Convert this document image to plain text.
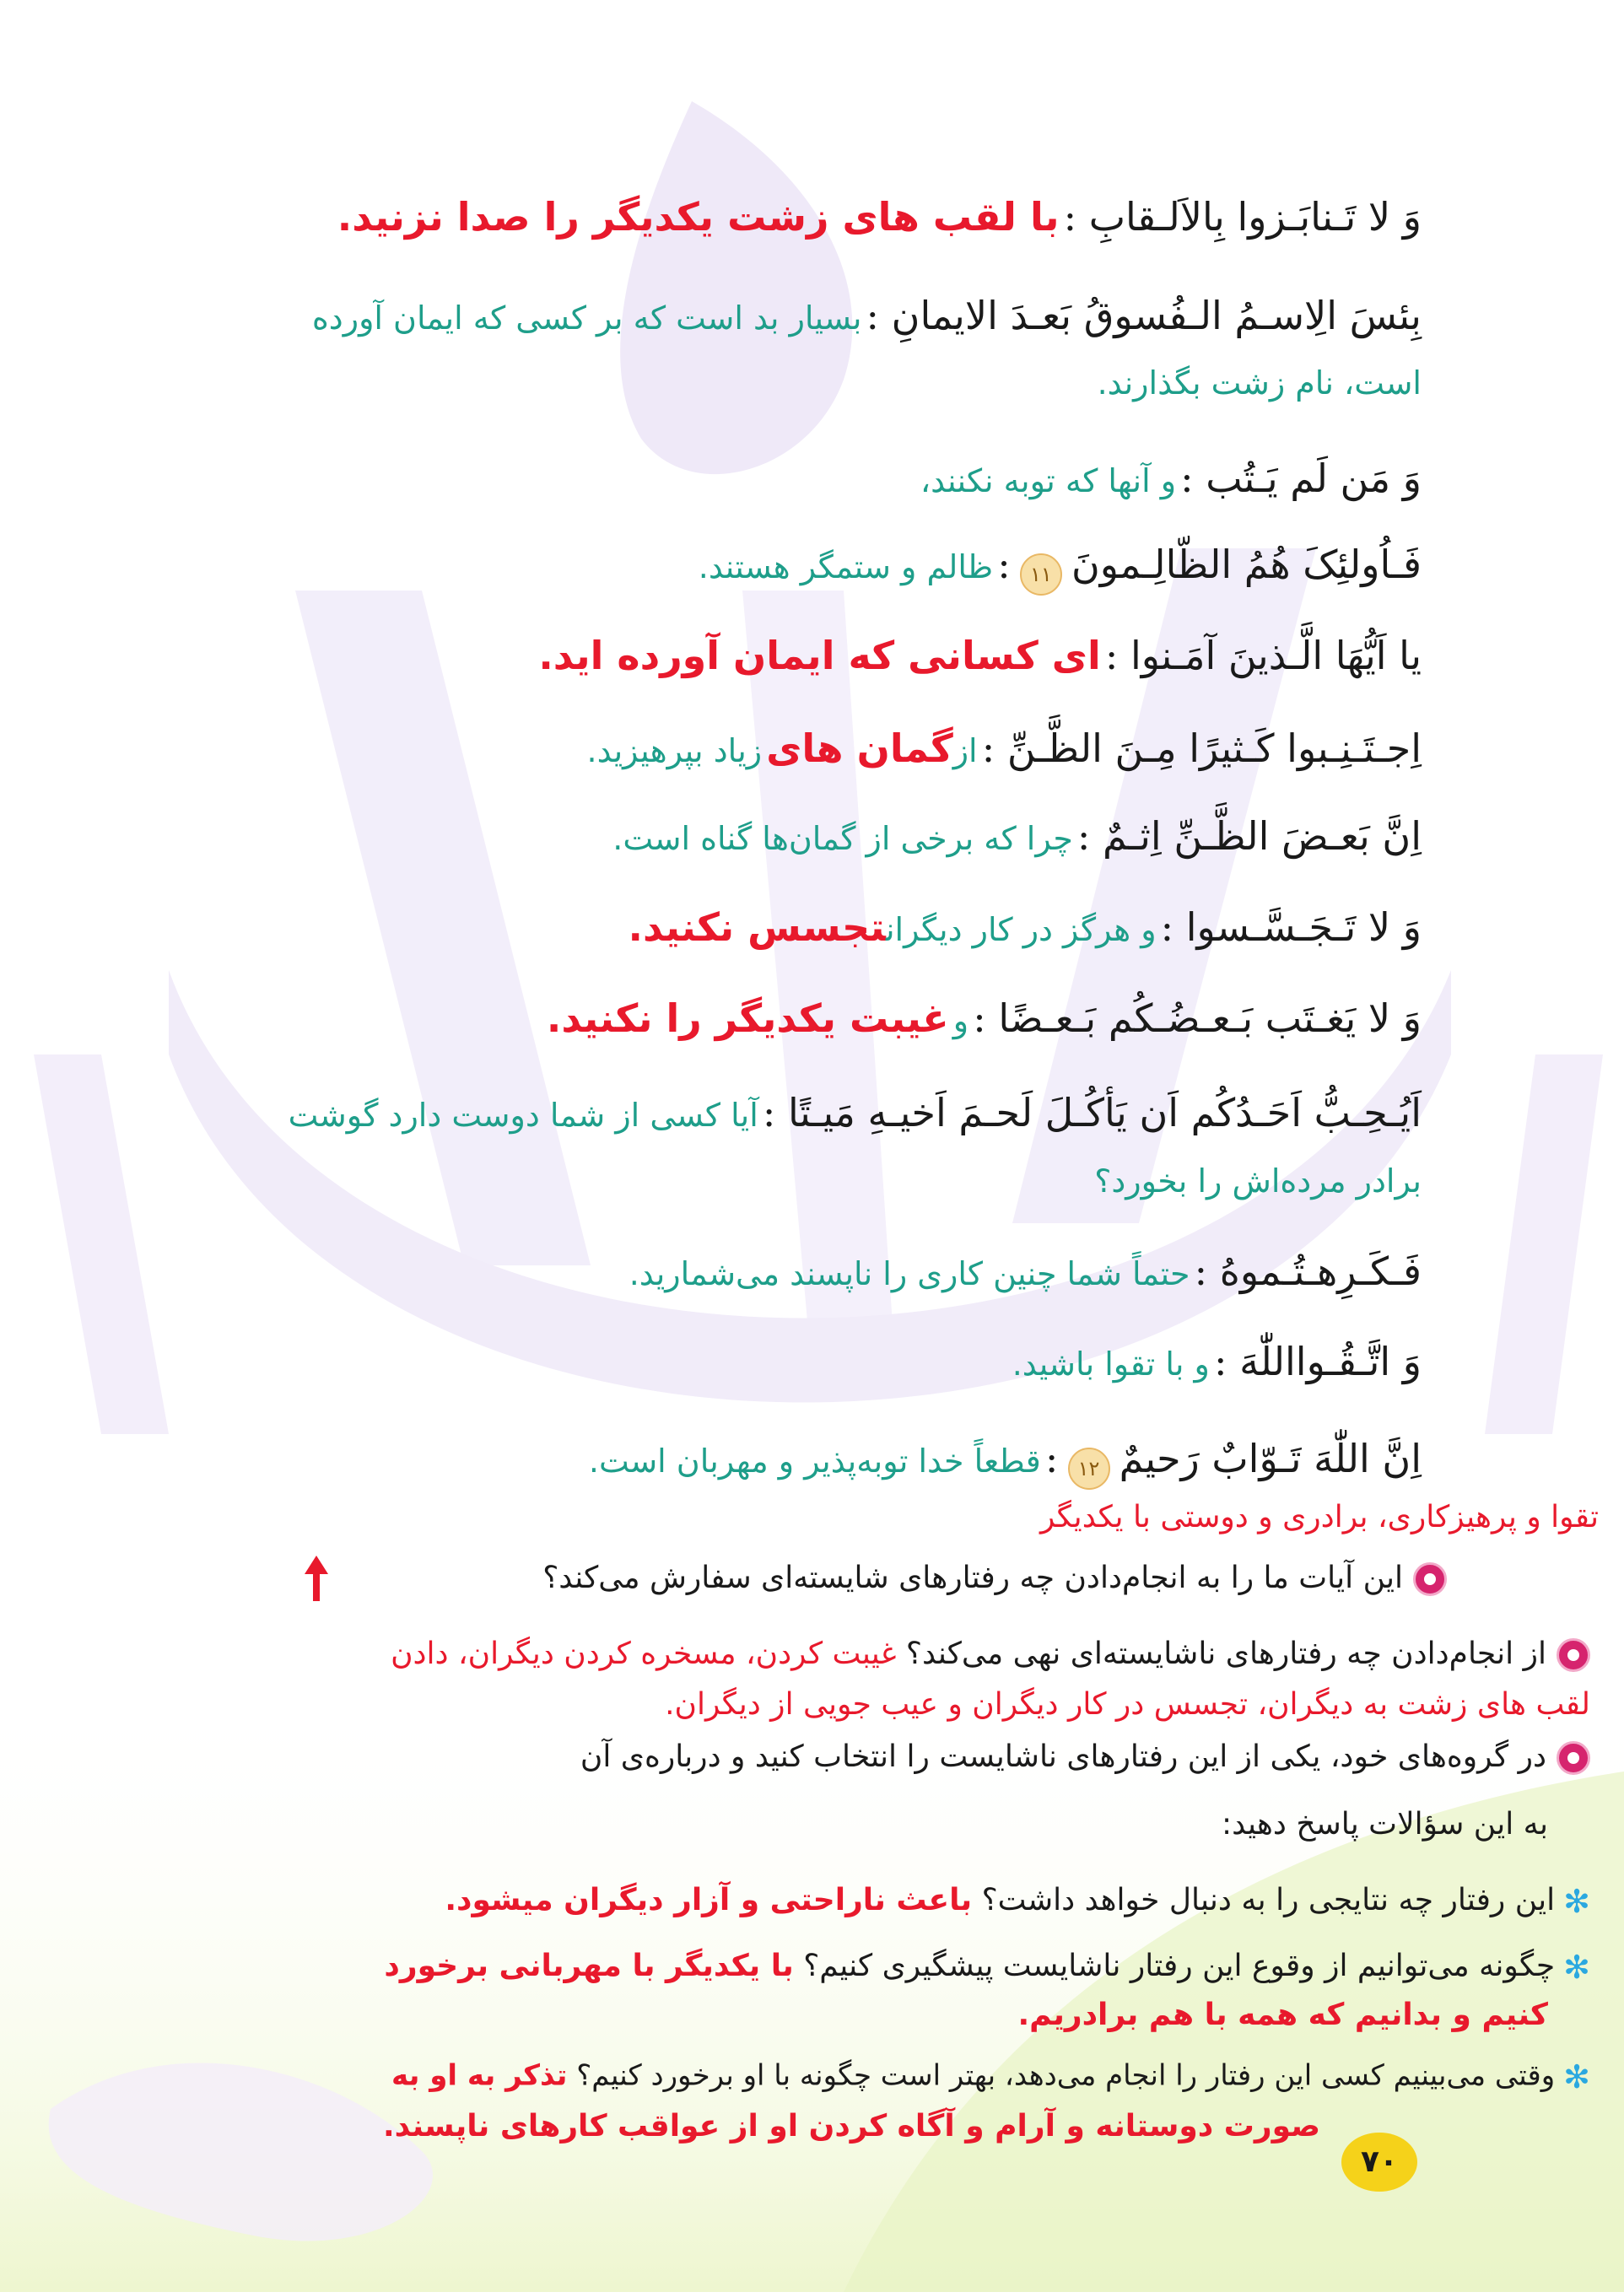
وَ لا تَـنابَـزوا بِالاَلـقابِ : با لقب های زشت یکدیگر را صدا نزنید.
بِئسَ الِاسـمُ الـفُسوقُ بَعـدَ الایمانِ : بسیار بد است که بر کسی که ایمان آورده
است، نام زشت بگذارند.
وَ مَن لَم یَـتُب : و آنها که توبه نکنند،
فَـاُولئِکَ هُمُ الظّالِـمونَ ۱۱ : ظالم و ستمگر هستند.
یا اَیُّهَا الَّـذینَ آمَـنوا : ای کسانی که ایمان آورده اید.
اِجـتَـنِـبوا کَـثیرًا مِـنَ الظَّـنِّ : ازگمان های زیاد بپرهیزید.
اِنَّ بَعـضَ الظَّـنِّ اِثـمٌ : چرا که برخی از گمان‌ها گناه است.
وَ لا تَـجَـسَّـسوا : و هرگز در کار دیگرانتجسس نکنید.
وَ لا یَغـتَب بَـعـضُـکُم بَـعـضًا : و غیبت یکدیگر را نکنید.
اَیُـحِـبُّ اَحَـدُکُم اَن یَأکُـلَ لَحـمَ اَخیـهِ مَیـتًا : آیا کسی از شما دوست دارد گوشت
برادر مرده‌اش را بخورد؟
فَـکَـرِهـتُـموهُ : حتماً شما چنین کاری را ناپسند می‌شمارید.
وَ اتَّـقُـوااللّٰهَ : و با تقوا باشید.
اِنَّ اللّٰهَ تَـوّابٌ رَحیمٌ ۱۲ : قطعاً خدا توبه‌پذیر و مهربان است.
تقوا و پرهیزکاری، برادری و دوستی با یکدیگر
این آیات ما را به انجام‌دادن چه رفتارهای شایسته‌ای سفارش می‌کند؟
از انجام‌دادن چه رفتارهای ناشایسته‌ای نهی می‌کند؟ غیبت کردن، مسخره کردن دیگران، دادن
لقب های زشت به دیگران، تجسس در کار دیگران و عیب جویی از دیگران.
در گروه‌های خود، یکی از این رفتارهای ناشایست را انتخاب کنید و درباره‌ی آن
به این سؤالات پاسخ دهید:
✻این رفتار چه نتایجی را به دنبال خواهد داشت؟ باعث ناراحتی و آزار دیگران میشود.
✻چگونه می‌توانیم از وقوع این رفتار ناشایست پیشگیری کنیم؟ با یکدیگر با مهربانی برخورد
کنیم و بدانیم که همه با هم برادریم.
✻وقتی می‌بینیم کسی این رفتار را انجام می‌دهد، بهتر است چگونه با او برخورد کنیم؟ تذکر به او به
صورت دوستانه و آرام و آگاه کردن او از عواقب کارهای ناپسند.
۷۰
